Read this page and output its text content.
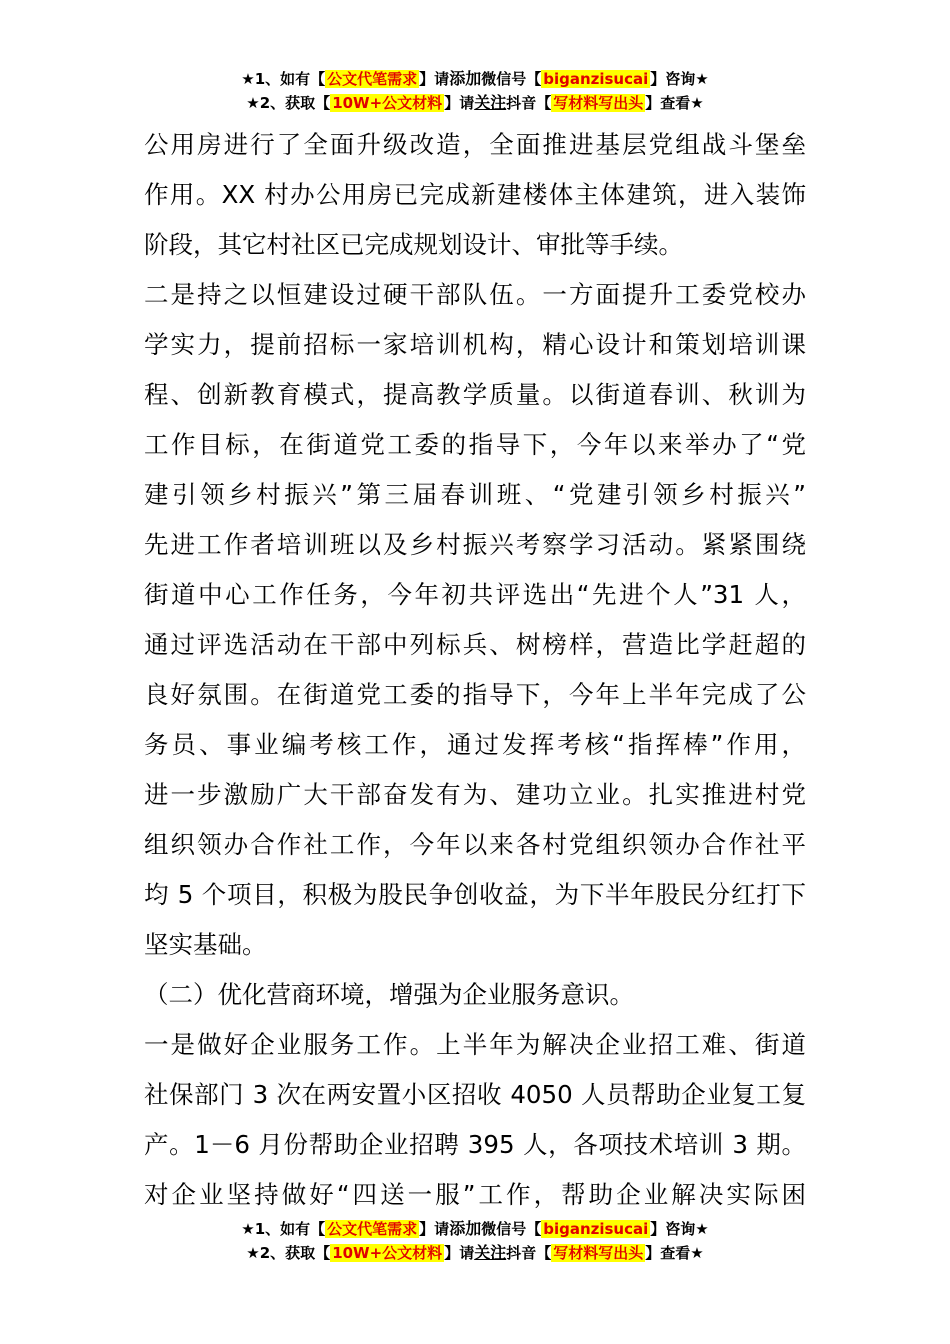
★1、如有【 公文代笔需求 】请添加微信号【 biganzisucai 】咨询★
★2、获取【 10W+公文材料 】请关注抖音【 写材料写出头 】查看★
公用房进行了全面升级改造，全面推进基层党组战斗堡垒
作用。XX 村办公用房已完成新建楼体主体建筑，进入装饰
阶段，其它村社区已完成规划设计、审批等手续。
二是持之以恒建设过硬干部队伍。一方面提升工委党校办
学实力，提前招标一家培训机构，精心设计和策划培训课
程、创新教育模式，提高教学质量。以街道春训、秋训为
工作目标，在街道党工委的指导下，今年以来举办了“党
建引领乡村振兴”第三届春训班、“党建引领乡村振兴”
先进工作者培训班以及乡村振兴考察学习活动。紧紧围绕
街道中心工作任务，今年初共评选出“先进个人”31 人，
通过评选活动在干部中列标兵、树榜样，营造比学赶超的
良好氛围。在街道党工委的指导下，今年上半年完成了公
务员、事业编考核工作，通过发挥考核“指挥棒”作用，
进一步激励广大干部奋发有为、建功立业。扎实推进村党
组织领办合作社工作，今年以来各村党组织领办合作社平
均 5 个项目，积极为股民争创收益，为下半年股民分红打下
坚实基础。
（二）优化营商环境，增强为企业服务意识。
一是做好企业服务工作。上半年为解决企业招工难、街道
社保部门 3 次在两安置小区招收 4050 人员帮助企业复工复
产。1－6 月份帮助企业招聘 395 人，各项技术培训 3 期。
对企业坚持做好“四送一服”工作，帮助企业解决实际困
★1、如有【 公文代笔需求 】请添加微信号【 biganzisucai 】咨询★
★2、获取【 10W+公文材料 】请关注抖音【 写材料写出头 】查看★
